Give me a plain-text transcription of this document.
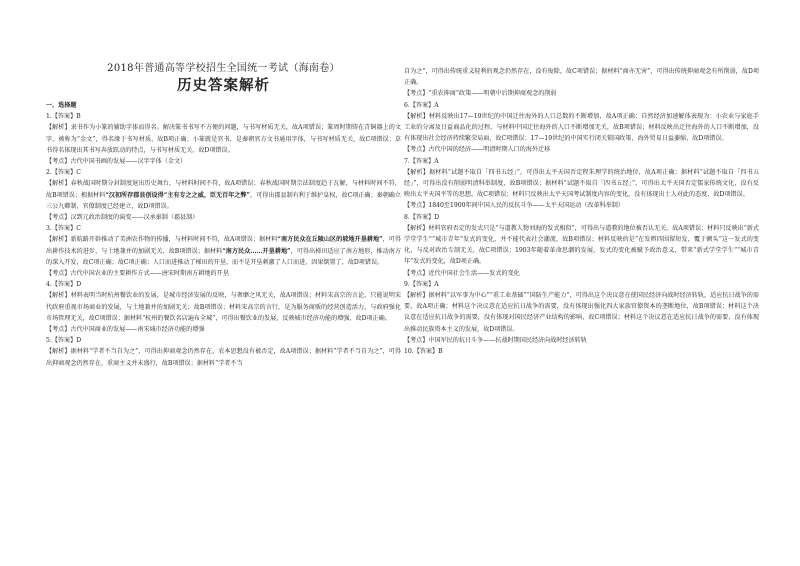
2018年普通高等学校招生全国统一考试（海南卷）

历史答案解析

一、选择题

1.【答案】B

【解析】隶书作为小篆的辅助字体而得名。解决篆书书写不方便的问题，与书写材质无关，故A项错误；篆周时期铸在青铜器上的文字，被称为“金文”，得名缘于书写材质，故B项正确；小篆就是官书，是秦朝官方文书通用字体，与书写材质无关，故C项错误；草书得名体现出其书写奔放跃动的特点，与书写材质无关，故D项错误。

【考点】古代中国书画的发展——汉字字体（金文）

2.【答案】C

【解析】春秋战国时期分封制度退出历史舞台，与材料时间不符，故A项错误；春秋战国时期宗法制度趋于瓦解，与材料时间不符，故B项错误；根据材料“汉初所存郡县创设得“主有专之之威，臣无百年之弊”，可得出郡县制有利于维护皇权，故C项正确；秦朝确立三公九卿制，官僚制度已经建立，故D项错误。

【考点】汉到元政治制度的演变——汉承秦制（郡县制）

3.【答案】C

【解析】新航路开辟推动了美洲农作物的传播，与材料时间不符，故A项错误；据材料“南方民众在丘陵山区的坡地开垦耕地”，可得出耕作技术的进步，与土地兼并的加剧无关，故B项错误；据材料“南方民众……开垦耕地”，可得出梯田适应了南方地形，推动南方的深入开发，故C项正确；故C项正确；人口而进推动了梯田的开垦，而不是开垦刺激了人口而进，因果倒置了，故D项错误。

【考点】古代中国农业的主要耕作方式——唐宋时期南方耕地的开垦

4.【答案】D

【解析】材料表明当时杭州餐饮业的发展，是城市经济发展的反映，与奢靡之风无关，故A项错误；材料宋高宗的言论，只能说明宋代政府重视市场商业的发展，与土地兼并的加剧无关；故B项错误；材料宋高宗的言行，是为服务商贩的经营创造活力，与政府强化市场管理无关，故C项错误；据材料“杭州的餐饮名店遍布全城”，可得出餐饮业的发展，反映城市经济功能的增强，故D项正确。

【考点】古代中国商业的发展——南宋城市经济功能的增强

5.【答案】D

【解析】据材料“学者不当自为之”，可得出抑商观念仍然存在，农本思想没有被否定，故A项错误；据材料“学者不当自为之”，可得出抑商观念仍然存在，重商主义并未盛行，故B项错误；据材料“学者不当

自为之”，可得出传统重义轻利的观念仍然存在，没有废除，故C项错误；据材料“商亦无害”，可得出传统抑商观念有所削弱，故D项正确。

【考点】“重农抑商”政策——明朝中后期抑商观念的削弱

6.【答案】A

【解析】材料反映出17—19世纪的中国迁往海外的人口总数的不断增加，故A项正确；自然经济加速解体表现为：小农业与家庭手工业的分离及日益商品化的过程，与材料中国迁往海外的人口不断增加无关，故B项错误；材料反映出迁往海外的人口不断增加，没有体现出社会经济持续繁荣局面，故C项错误；17—19世纪的中国实行闭关锁国政策，海外贸易日益萎缩，故D项错误。

【考点】古代中国的经济——明清时期人口的海外迁移

7.【答案】A

【解析】据材料“试题不取自「四书五经」”，可得出太平天国否定程朱理学的统治地位，故A项正确；据材料“试题不取自「四书五经」”，可得出没有削弱明清科举制度，故B项错误；据材料“试题不取自「四书五经」”，可得出太平天国否定儒家传统文化，没有反映出太平天国平等的思想，故C项错误；材料只反映出太平天国考试制度内容的变化，没有体现出士人对此的态度，故D项错误。

【考点】1840至1900年间中国人民的反抗斗争——太平天国运动（改革科举制）

8.【答案】D

【解析】材料官府否定的发式只是“与道教人物刘海的发式相似”，可得出与道教的地位被否认无关，故A项错误；材料只反映出“新式学堂学生”“城市青年”发式的变化，并不能代表社会潮流，故B项错误；材料反映的是“在发辫四围留短发，覆于额头”这一发式的变化，与反对政治专制无关，故C项错误；1903年随着革命思潮的发展，发式的变化被赋予政治意义，带来“新式学堂学生”“城市青年”发式的变化，故D项正确。

【考点】近代中国社会生活——发式的变化

9.【答案】A

【解析】据材料“以军事为中心”“重工业基础”“国防生产能力”，可得出这个决议意在使国民经济向战时经济转轨，适应抗日战争的需要，故A项正确；材料这个决议意在适应抗日战争的需要，没有体现出强化四大家族官僚资本的垄断地位，故B项错误；材料这个决议意在适应抗日战争的需要，没有体现对国民经济产业结构的影响，故C项错误；材料这个决议意在适应抗日战争的需要，没有体现出推动民族资本主义的发展，故D项错误。

【考点】中国军民的抗日斗争——抗战时期国民经济向战时经济转轨

10.【答案】B
